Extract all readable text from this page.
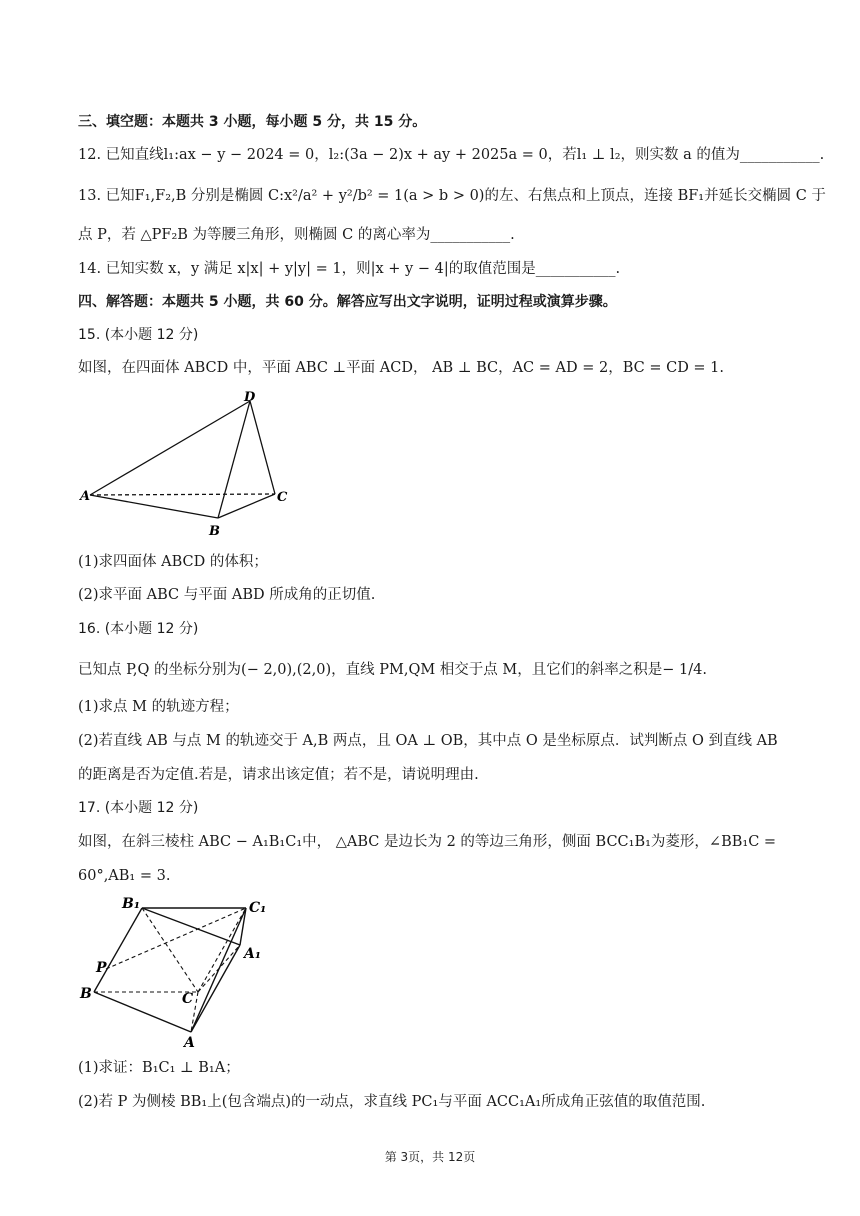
三、填空题：本题共 3 小题，每小题 5 分，共 15 分。
12. 已知直线l₁:ax − y − 2024 = 0，l₂:(3a − 2)x + ay + 2025a = 0，若l₁ ⊥ l₂，则实数 a 的值为___________.
13. 已知F₁,F₂,B 分别是椭圆 C:x²/a² + y²/b² = 1(a > b > 0)的左、右焦点和上顶点，连接 BF₁并延长交椭圆 C 于
点 P，若 △PF₂B 为等腰三角形，则椭圆 C 的离心率为___________.
14. 已知实数 x，y 满足 x|x| + y|y| = 1，则|x + y − 4|的取值范围是___________.
四、解答题：本题共 5 小题，共 60 分。解答应写出文字说明，证明过程或演算步骤。
15. (本小题 12 分)
如图，在四面体 ABCD 中，平面 ABC ⊥平面 ACD， AB ⊥ BC，AC = AD = 2，BC = CD = 1.
D
A	C
B
(1)求四面体 ABCD 的体积；
(2)求平面 ABC 与平面 ABD 所成角的正切值.
16. (本小题 12 分)
已知点 P,Q 的坐标分别为(− 2,0),(2,0)，直线 PM,QM 相交于点 M，且它们的斜率之积是− 1/4.
(1)求点 M 的轨迹方程；
(2)若直线 AB 与点 M 的轨迹交于 A,B 两点，且 OA ⊥ OB，其中点 O 是坐标原点．试判断点 O 到直线 AB
的距离是否为定值.若是，请求出该定值；若不是，请说明理由.
17. (本小题 12 分)
如图，在斜三棱柱 ABC − A₁B₁C₁中， △ABC 是边长为 2 的等边三角形，侧面 BCC₁B₁为菱形，∠BB₁C =
60°,AB₁ = 3.
B₁	C₁
A₁
P
B	C
A
(1)求证：B₁C₁ ⊥ B₁A；
(2)若 P 为侧棱 BB₁上(包含端点)的一动点，求直线 PC₁与平面 ACC₁A₁所成角正弦值的取值范围.
第 3页，共 12页
